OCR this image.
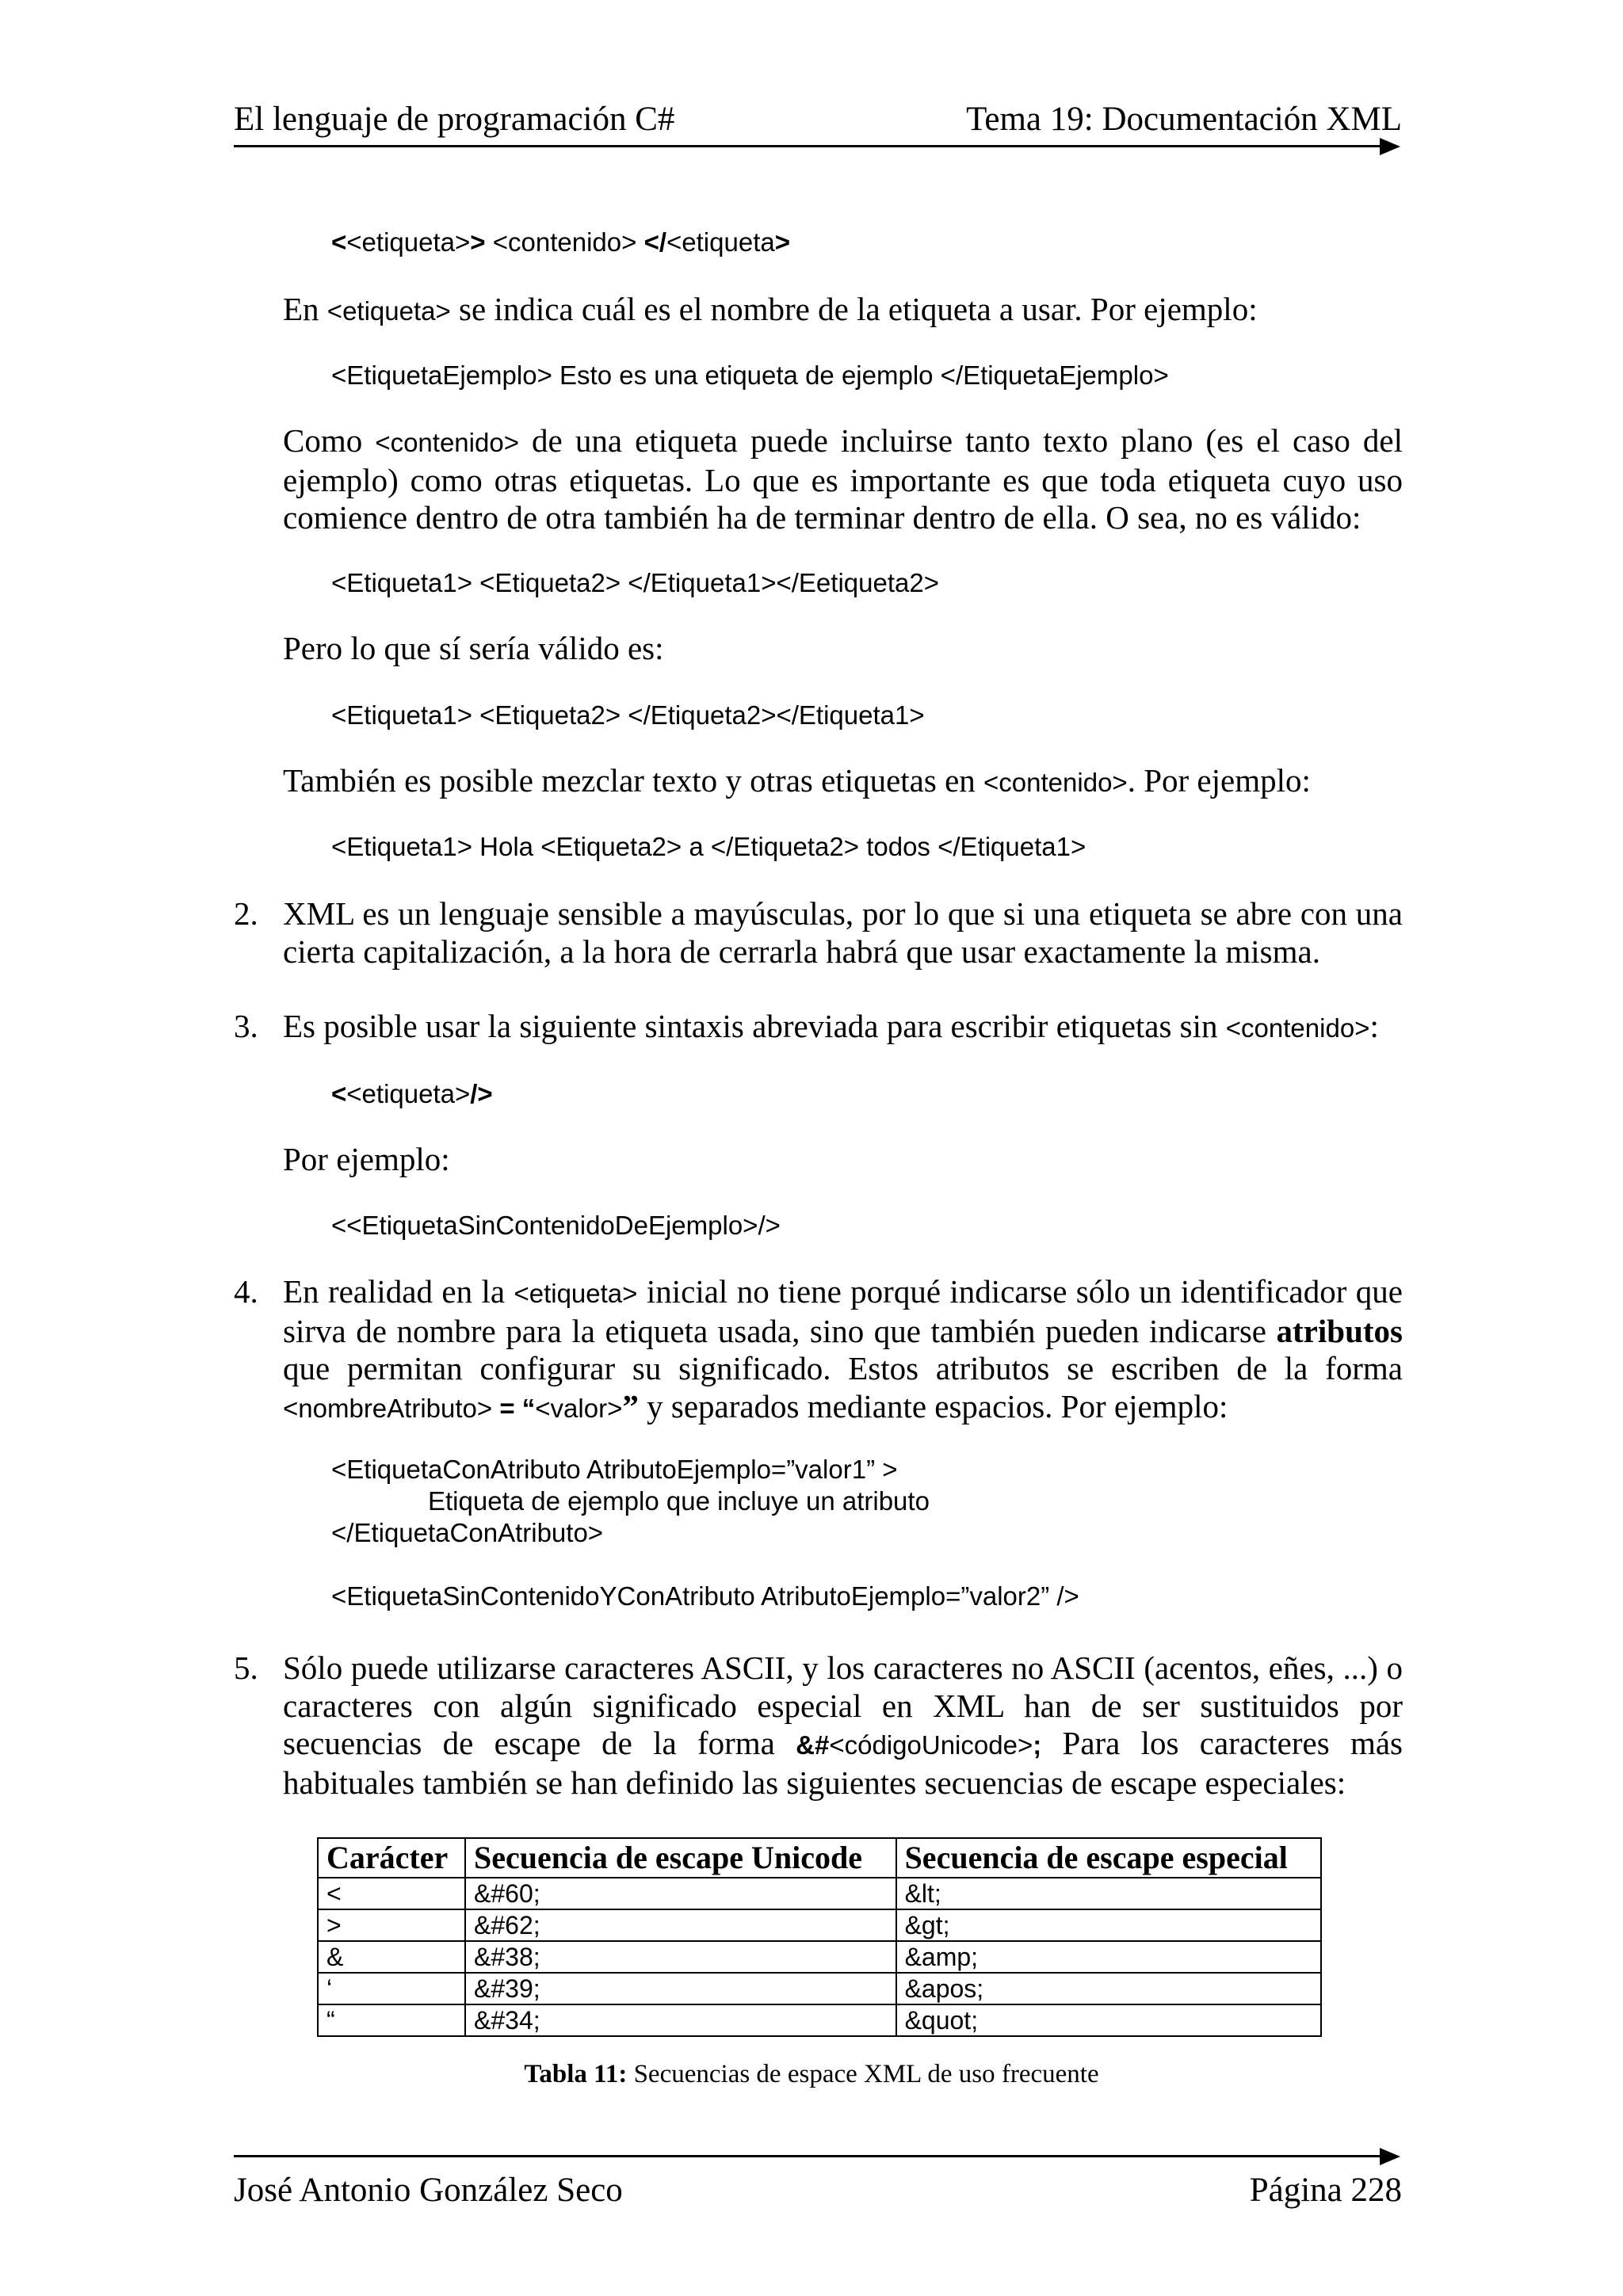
El lenguaje de programación C#	Tema 19: Documentación XML
<<etiqueta>> <contenido> </<etiqueta>
En <etiqueta> se indica cuál es el nombre de la etiqueta a usar. Por ejemplo:
<EtiquetaEjemplo> Esto es una etiqueta de ejemplo </EtiquetaEjemplo>
Como <contenido> de una etiqueta puede incluirse tanto texto plano (es el caso del ejemplo) como otras etiquetas. Lo que es importante es que toda etiqueta cuyo uso comience dentro de otra también ha de terminar dentro de ella. O sea, no es válido:
<Etiqueta1> <Etiqueta2> </Etiqueta1></Eetiqueta2>
Pero lo que sí sería válido es:
<Etiqueta1> <Etiqueta2> </Etiqueta2></Etiqueta1>
También es posible mezclar texto y otras etiquetas en <contenido>. Por ejemplo:
<Etiqueta1> Hola <Etiqueta2> a </Etiqueta2> todos </Etiqueta1>
2. XML es un lenguaje sensible a mayúsculas, por lo que si una etiqueta se abre con una cierta capitalización, a la hora de cerrarla habrá que usar exactamente la misma.
3. Es posible usar la siguiente sintaxis abreviada para escribir etiquetas sin <contenido>:
<<etiqueta>/>
Por ejemplo:
<<EtiquetaSinContenidoDeEjemplo>/>
4. En realidad en la <etiqueta> inicial no tiene porqué indicarse sólo un identificador que sirva de nombre para la etiqueta usada, sino que también pueden indicarse atributos que permitan configurar su significado. Estos atributos se escriben de la forma <nombreAtributo> = “<valor>” y separados mediante espacios. Por ejemplo:
<EtiquetaConAtributo AtributoEjemplo=”valor1” >
Etiqueta de ejemplo que incluye un atributo
</EtiquetaConAtributo>
<EtiquetaSinContenidoYConAtributo AtributoEjemplo=”valor2” />
5. Sólo puede utilizarse caracteres ASCII, y los caracteres no ASCII (acentos, eñes, ...) o caracteres con algún significado especial en XML han de ser sustituidos por secuencias de escape de la forma &#<códigoUnicode>; Para los caracteres más habituales también se han definido las siguientes secuencias de escape especiales:
Carácter	Secuencia de escape Unicode	Secuencia de escape especial
<	&#60;	&lt;
>	&#62;	&gt;
&	&#38;	&amp;
‘	&#39;	&apos;
“	&#34;	&quot;
Tabla 11: Secuencias de espace XML de uso frecuente
José Antonio González Seco	Página 228
